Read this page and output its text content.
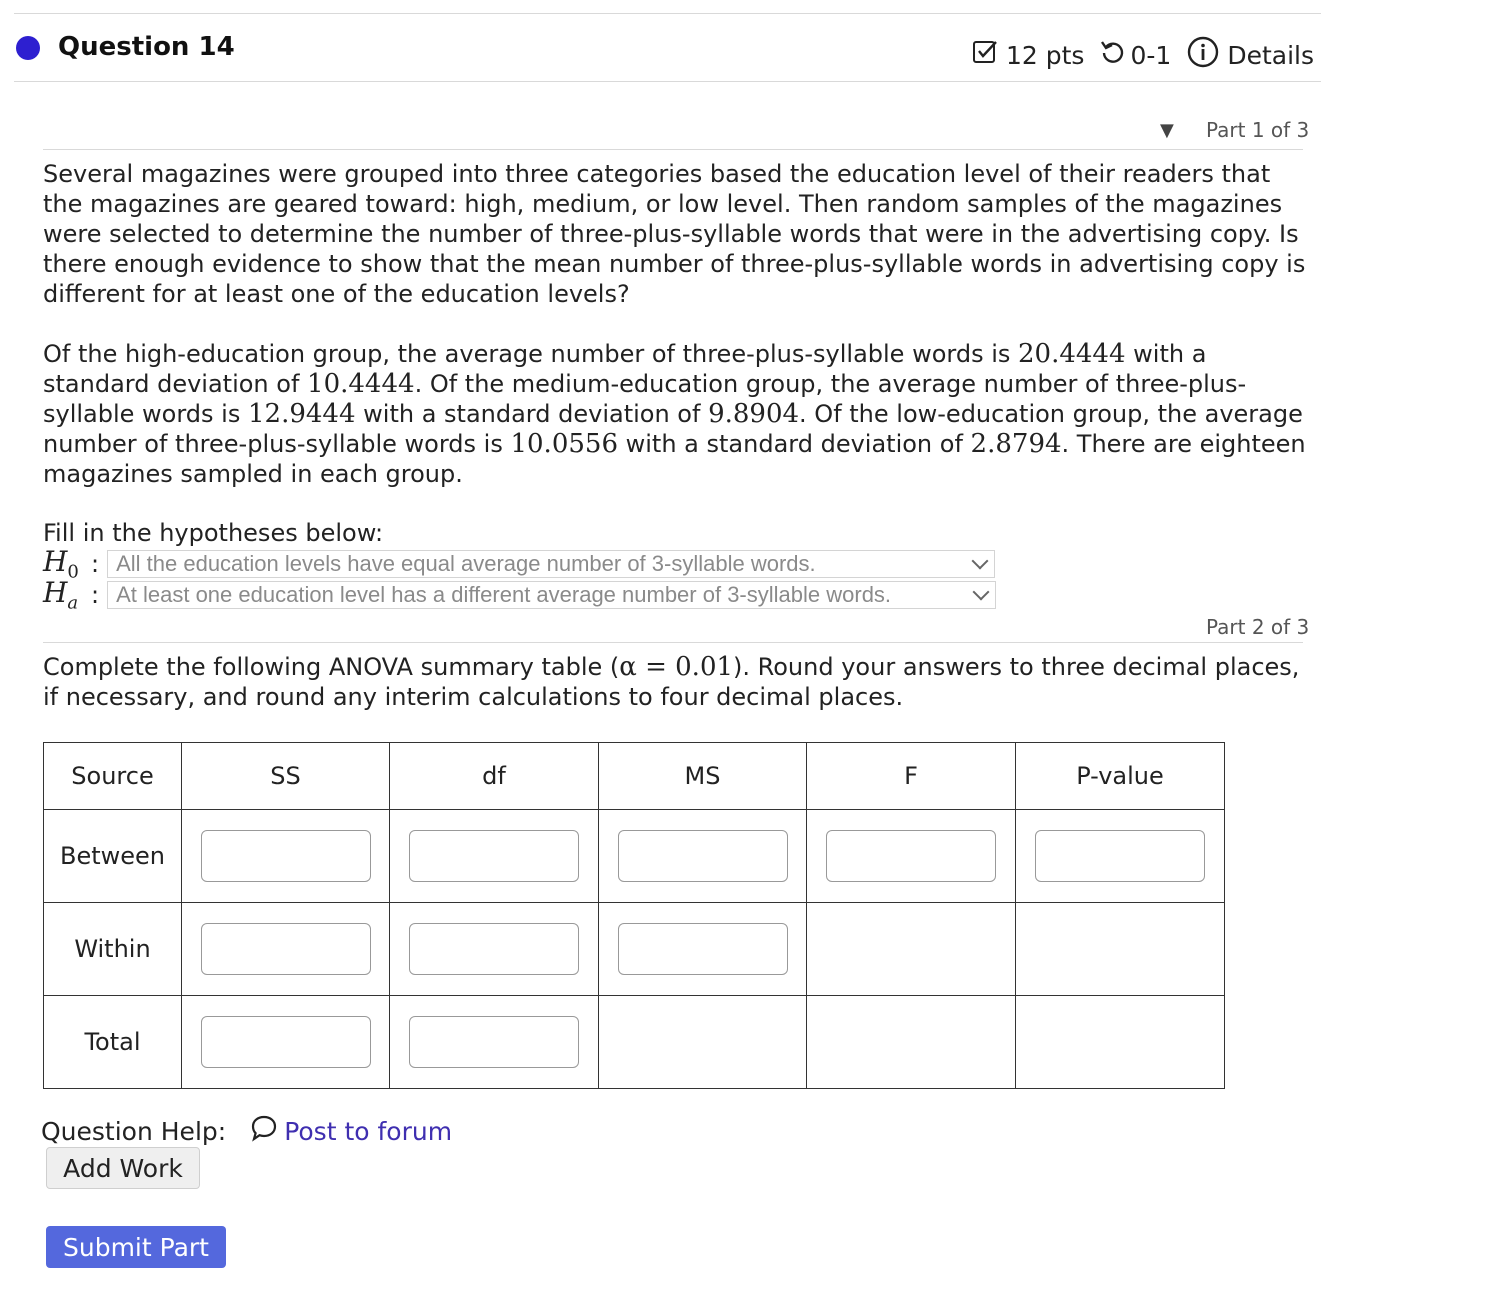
Question 14	12 pts 0-1 Details
▼ Part 1 of 3

Several magazines were grouped into three categories based the education level of their readers that the magazines are geared toward: high, medium, or low level. Then random samples of the magazines were selected to determine the number of three-plus-syllable words that were in the advertising copy. Is there enough evidence to show that the mean number of three-plus-syllable words in advertising copy is different for at least one of the education levels?

Of the high-education group, the average number of three-plus-syllable words is 20.4444 with a standard deviation of 10.4444. Of the medium-education group, the average number of three-plus-syllable words is 12.9444 with a standard deviation of 9.8904. Of the low-education group, the average number of three-plus-syllable words is 10.0556 with a standard deviation of 2.8794. There are eighteen magazines sampled in each group.

Fill in the hypotheses below:
$H_0$ : All the education levels have equal average number of 3-syllable words.
$H_a$ : At least one education level has a different average number of 3-syllable words.
Part 2 of 3

Complete the following ANOVA summary table (α = 0.01). Round your answers to three decimal places, if necessary, and round any interim calculations to four decimal places.

Source	SS	df	MS	F	P-value
Between	

Within	

Total	

Question Help: Post to forum
Add Work
Submit Part
